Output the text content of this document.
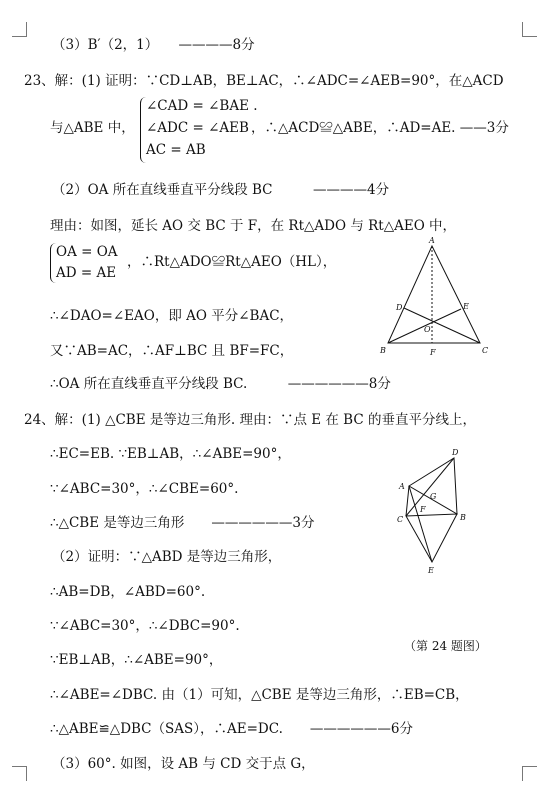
（3）B′（2，1）　　————8分
23、解：(1) 证明：∵CD⊥AB，BE⊥AC，∴∠ADC=∠AEB=90°，在△ACD
与△ABE 中，
∠CAD = ∠BAE .
∠ADC = ∠AEB
AC = AB
，∴△ACD≌△ABE，∴AD=AE. ——3分
（2）OA 所在直线垂直平分线段 BC　　　————4分
理由：如图，延长 AO 交 BC 于 F，在 Rt△ADO 与 Rt△AEO 中，
OA = OA
AD = AE
，∴Rt△ADO≌Rt△AEO（HL），
∴∠DAO=∠EAO，即 AO 平分∠BAC，
又∵AB=AC，∴AF⊥BC 且 BF=FC，
∴OA 所在直线垂直平分线段 BC.　　　——————8分
A
B	C
D	E
F
O
24、解：(1) △CBE 是等边三角形. 理由：∵点 E 在 BC 的垂直平分线上，
∴EC=EB. ∵EB⊥AB，∴∠ABE=90°，
∵∠ABC=30°，∴∠CBE=60°.
∴△CBE 是等边三角形　　——————3分
（2）证明：∵△ABD 是等边三角形，
∴AB=DB，∠ABD=60°.
∵∠ABC=30°，∴∠DBC=90°.
∵EB⊥AB，∴∠ABE=90°，
∴∠ABE=∠DBC. 由（1）可知，△CBE 是等边三角形，∴EB=CB，
∴△ABE≌△DBC（SAS），∴AE=DC.　　——————6分
（3）60°. 如图，设 AB 与 CD 交于点 G，
（第 24 题图）
A
B
C
D
E
F
G
